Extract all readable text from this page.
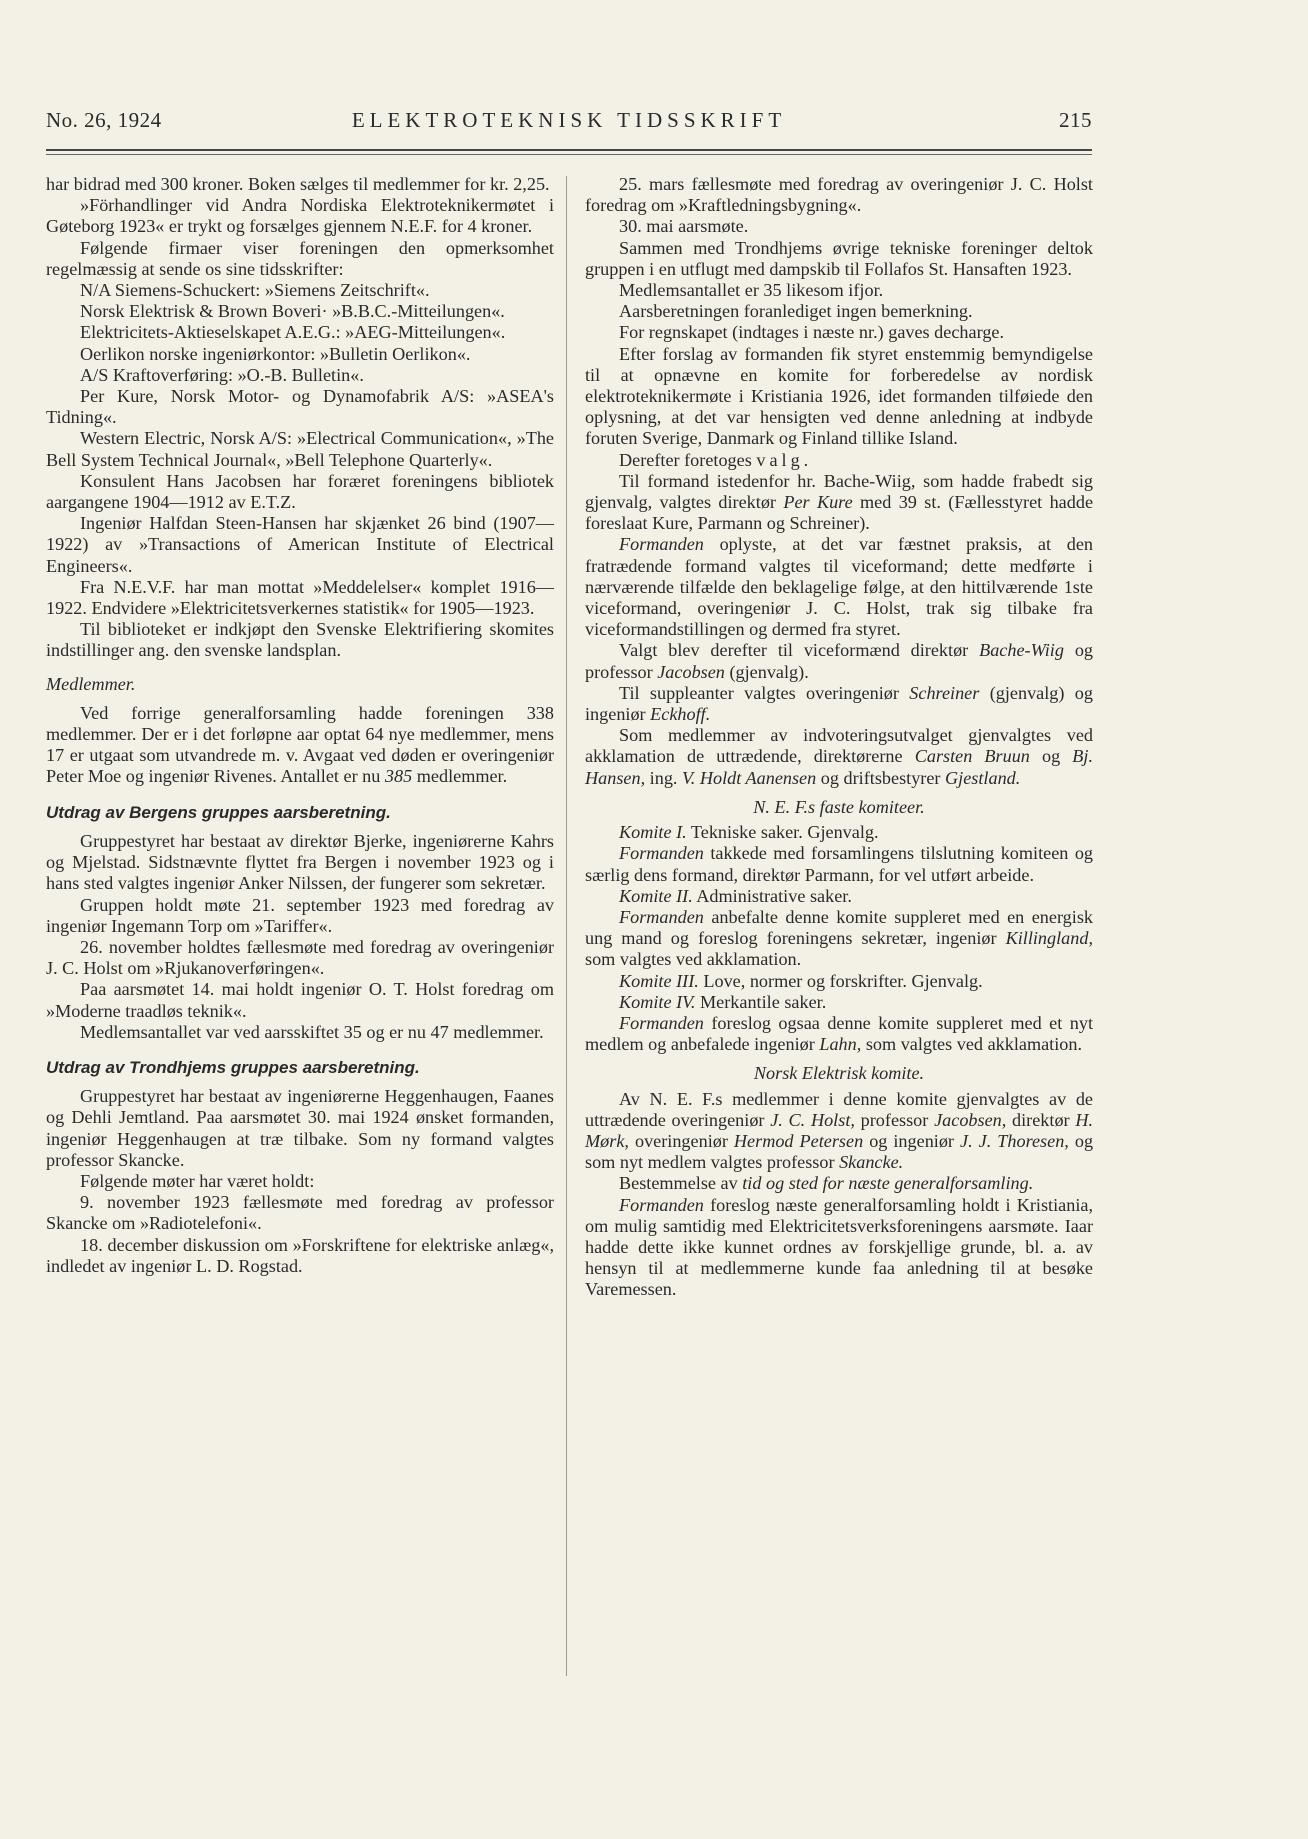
No. 26, 1924	ELEKTROTEKNISK TIDSSKRIFT	215

har bidrad med 300 kroner. Boken sælges til medlemmer for kr. 2,25.

»Förhandlinger vid Andra Nordiska Elektroteknikermøtet i Gøteborg 1923« er trykt og forsælges gjennem N.E.F. for 4 kroner.

Følgende firmaer viser foreningen den opmerksomhet regelmæssig at sende os sine tidsskrifter:

N/A Siemens-Schuckert: »Siemens Zeitschrift«.

Norsk Elektrisk & Brown Boveri· »B.B.C.-Mitteilungen«.

Elektricitets-Aktieselskapet A.E.G.: »AEG-Mitteilungen«.

Oerlikon norske ingeniørkontor: »Bulletin Oerlikon«.

A/S Kraftoverføring: »O.-B. Bulletin«.

Per Kure, Norsk Motor- og Dynamofabrik A/S: »ASEA's Tidning«.

Western Electric, Norsk A/S: »Electrical Communication«, »The Bell System Technical Journal«, »Bell Telephone Quarterly«.

Konsulent Hans Jacobsen har foræret foreningens bibliotek aargangene 1904—1912 av E.T.Z.

Ingeniør Halfdan Steen-Hansen har skjænket 26 bind (1907—1922) av »Transactions of American Institute of Electrical Engineers«.

Fra N.E.V.F. har man mottat »Meddelelser« komplet 1916—1922. Endvidere »Elektricitetsverkernes statistik« for 1905—1923.

Til biblioteket er indkjøpt den Svenske Elektrifiering skomites indstillinger ang. den svenske landsplan.

Medlemmer.

Ved forrige generalforsamling hadde foreningen 338 medlemmer. Der er i det forløpne aar optat 64 nye medlemmer, mens 17 er utgaat som utvandrede m. v. Avgaat ved døden er overingeniør Peter Moe og ingeniør Rivenes. Antallet er nu 385 medlemmer.

Utdrag av Bergens gruppes aarsberetning.

Gruppestyret har bestaat av direktør Bjerke, ingeniørerne Kahrs og Mjelstad. Sidstnævnte flyttet fra Bergen i november 1923 og i hans sted valgtes ingeniør Anker Nilssen, der fungerer som sekretær.

Gruppen holdt møte 21. september 1923 med foredrag av ingeniør Ingemann Torp om »Tariffer«.

26. november holdtes fællesmøte med foredrag av overingeniør J. C. Holst om »Rjukanoverføringen«.

Paa aarsmøtet 14. mai holdt ingeniør O. T. Holst foredrag om »Moderne traadløs teknik«.

Medlemsantallet var ved aarsskiftet 35 og er nu 47 medlemmer.

Utdrag av Trondhjems gruppes aarsberetning.

Gruppestyret har bestaat av ingeniørerne Heggenhaugen, Faanes og Dehli Jemtland. Paa aarsmøtet 30. mai 1924 ønsket formanden, ingeniør Heggenhaugen at træ tilbake. Som ny formand valgtes professor Skancke.

Følgende møter har været holdt:

9. november 1923 fællesmøte med foredrag av professor Skancke om »Radiotelefoni«.

18. december diskussion om »Forskriftene for elektriske anlæg«, indledet av ingeniør L. D. Rogstad.

25. mars fællesmøte med foredrag av overingeniør J. C. Holst foredrag om »Kraftledningsbygning«.

30. mai aarsmøte.

Sammen med Trondhjems øvrige tekniske foreninger deltok gruppen i en utflugt med dampskib til Follafos St. Hansaften 1923.

Medlemsantallet er 35 likesom ifjor.

Aarsberetningen foranlediget ingen bemerkning.

For regnskapet (indtages i næste nr.) gaves decharge.

Efter forslag av formanden fik styret enstemmig bemyndigelse til at opnævne en komite for forberedelse av nordisk elektroteknikermøte i Kristiania 1926, idet formanden tilføiede den oplysning, at det var hensigten ved denne anledning at indbyde foruten Sverige, Danmark og Finland tillike Island.

Derefter foretoges valg.

Til formand istedenfor hr. Bache-Wiig, som hadde frabedt sig gjenvalg, valgtes direktør Per Kure med 39 st. (Fællesstyret hadde foreslaat Kure, Parmann og Schreiner).

Formanden oplyste, at det var fæstnet praksis, at den fratrædende formand valgtes til viceformand; dette medførte i nærværende tilfælde den beklagelige følge, at den hittilværende 1ste viceformand, overingeniør J. C. Holst, trak sig tilbake fra viceformandstillingen og dermed fra styret.

Valgt blev derefter til viceformænd direktør Bache-Wiig og professor Jacobsen (gjenvalg).

Til suppleanter valgtes overingeniør Schreiner (gjenvalg) og ingeniør Eckhoff.

Som medlemmer av indvoteringsutvalget gjenvalgtes ved akklamation de uttrædende, direktørerne Carsten Bruun og Bj. Hansen, ing. V. Holdt Aanensen og driftsbestyrer Gjestland.

N. E. F.s faste komiteer.

Komite I. Tekniske saker. Gjenvalg.

Formanden takkede med forsamlingens tilslutning komiteen og særlig dens formand, direktør Parmann, for vel utført arbeide.

Komite II. Administrative saker.

Formanden anbefalte denne komite suppleret med en energisk ung mand og foreslog foreningens sekretær, ingeniør Killingland, som valgtes ved akklamation.

Komite III. Love, normer og forskrifter. Gjenvalg.

Komite IV. Merkantile saker.

Formanden foreslog ogsaa denne komite suppleret med et nyt medlem og anbefalede ingeniør Lahn, som valgtes ved akklamation.

Norsk Elektrisk komite.

Av N. E. F.s medlemmer i denne komite gjenvalgtes av de uttrædende overingeniør J. C. Holst, professor Jacobsen, direktør H. Mørk, overingeniør Hermod Petersen og ingeniør J. J. Thoresen, og som nyt medlem valgtes professor Skancke.

Bestemmelse av tid og sted for næste generalforsamling.

Formanden foreslog næste generalforsamling holdt i Kristiania, om mulig samtidig med Elektricitetsverksforeningens aarsmøte. Iaar hadde dette ikke kunnet ordnes av forskjellige grunde, bl. a. av hensyn til at medlemmerne kunde faa anledning til at besøke Varemessen.
